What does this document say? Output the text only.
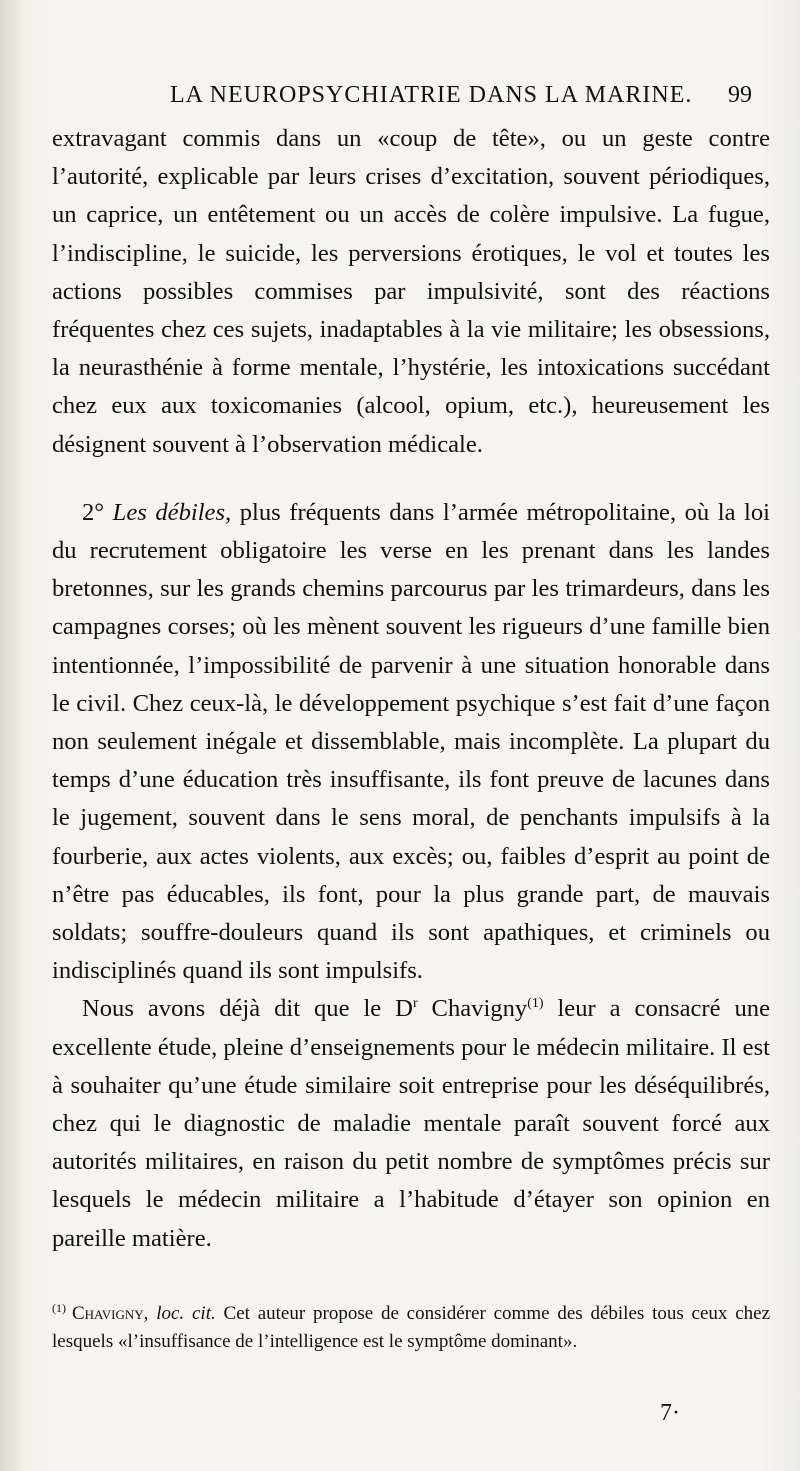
LA NEUROPSYCHIATRIE DANS LA MARINE. 99

extravagant commis dans un «coup de tête», ou un geste contre l’autorité, explicable par leurs crises d’excitation, souvent périodiques, un caprice, un entêtement ou un accès de colère impulsive. La fugue, l’indiscipline, le suicide, les perversions érotiques, le vol et toutes les actions possibles commises par impulsivité, sont des réactions fréquentes chez ces sujets, inadaptables à la vie militaire; les obsessions, la neurasthénie à forme mentale, l’hystérie, les intoxications succédant chez eux aux toxicomanies (alcool, opium, etc.), heureusement les désignent souvent à l’observation médicale.

2° Les débiles, plus fréquents dans l’armée métropolitaine, où la loi du recrutement obligatoire les verse en les prenant dans les landes bretonnes, sur les grands chemins parcourus par les trimardeurs, dans les campagnes corses; où les mènent souvent les rigueurs d’une famille bien intentionnée, l’impossibilité de parvenir à une situation honorable dans le civil. Chez ceux-là, le développement psychique s’est fait d’une façon non seulement inégale et dissemblable, mais incomplète. La plupart du temps d’une éducation très insuffisante, ils font preuve de lacunes dans le jugement, souvent dans le sens moral, de penchants impulsifs à la fourberie, aux actes violents, aux excès; ou, faibles d’esprit au point de n’être pas éducables, ils font, pour la plus grande part, de mauvais soldats; souffre-douleurs quand ils sont apathiques, et criminels ou indisciplinés quand ils sont impulsifs.

Nous avons déjà dit que le $D^r$ Chavigny$^{(1)}$ leur a consacré une excellente étude, pleine d’enseignements pour le médecin militaire. Il est à souhaiter qu’une étude similaire soit entreprise pour les déséquilibrés, chez qui le diagnostic de maladie mentale paraît souvent forcé aux autorités militaires, en raison du petit nombre de symptômes précis sur lesquels le médecin militaire a l’habitude d’étayer son opinion en pareille matière.

$^{(1)}$ Chavigny, loc. cit. Cet auteur propose de considérer comme des débiles tous ceux chez lesquels «l’insuffisance de l’intelligence est le symptôme dominant».
7·
